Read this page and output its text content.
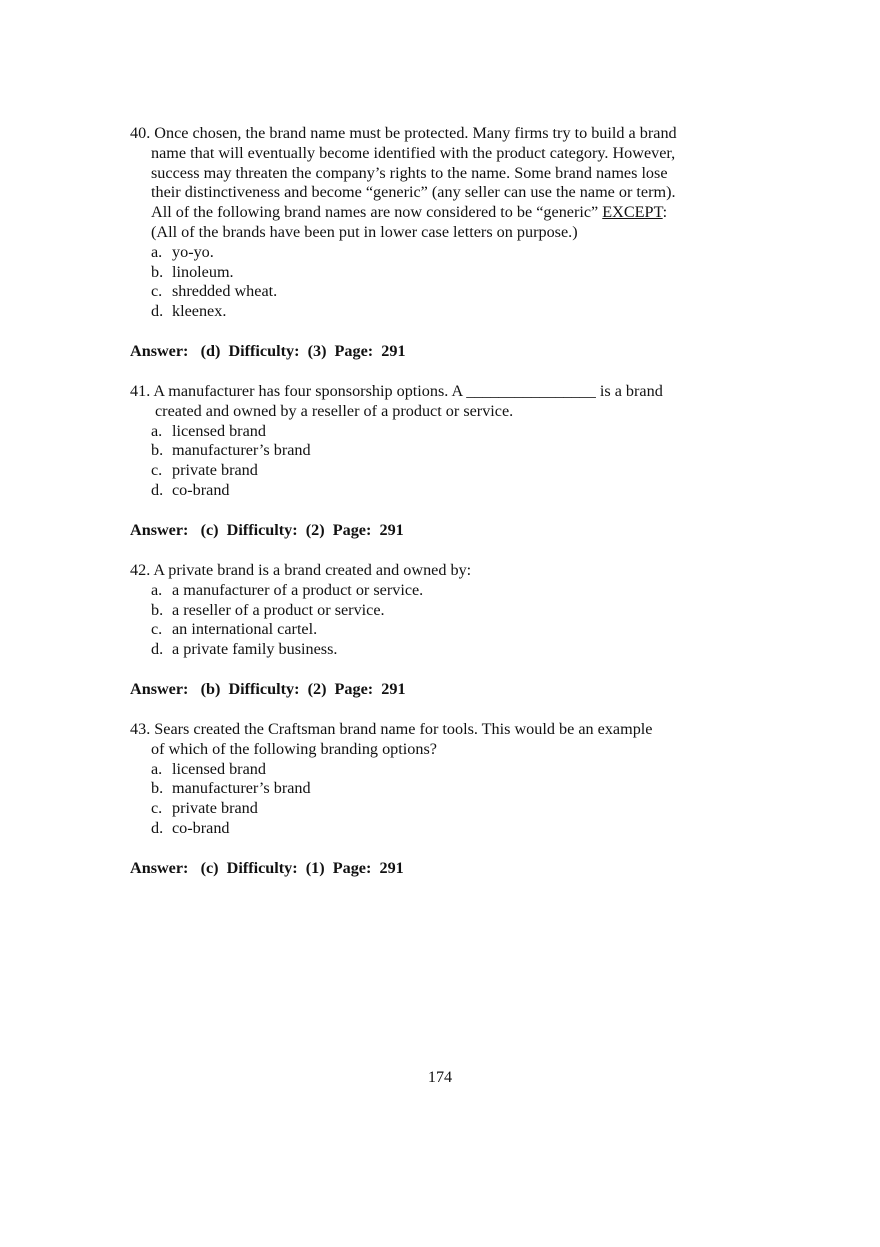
40. Once chosen, the brand name must be protected. Many firms try to build a brand
name that will eventually become identified with the product category. However,
success may threaten the company’s rights to the name. Some brand names lose
their distinctiveness and become “generic” (any seller can use the name or term).
All of the following brand names are now considered to be “generic” EXCEPT:
(All of the brands have been put in lower case letters on purpose.)
a. yo-yo.
b. linoleum.
c. shredded wheat.
d. kleenex.
Answer:   (d)  Difficulty:  (3)  Page:  291
41. A manufacturer has four sponsorship options. A ________________ is a brand
created and owned by a reseller of a product or service.
a. licensed brand
b. manufacturer’s brand
c. private brand
d. co-brand
Answer:   (c)  Difficulty:  (2)  Page:  291
42. A private brand is a brand created and owned by:
a. a manufacturer of a product or service.
b. a reseller of a product or service.
c. an international cartel.
d. a private family business.
Answer:   (b)  Difficulty:  (2)  Page:  291
43. Sears created the Craftsman brand name for tools. This would be an example
of which of the following branding options?
a. licensed brand
b. manufacturer’s brand
c. private brand
d. co-brand
Answer:   (c)  Difficulty:  (1)  Page:  291
174
